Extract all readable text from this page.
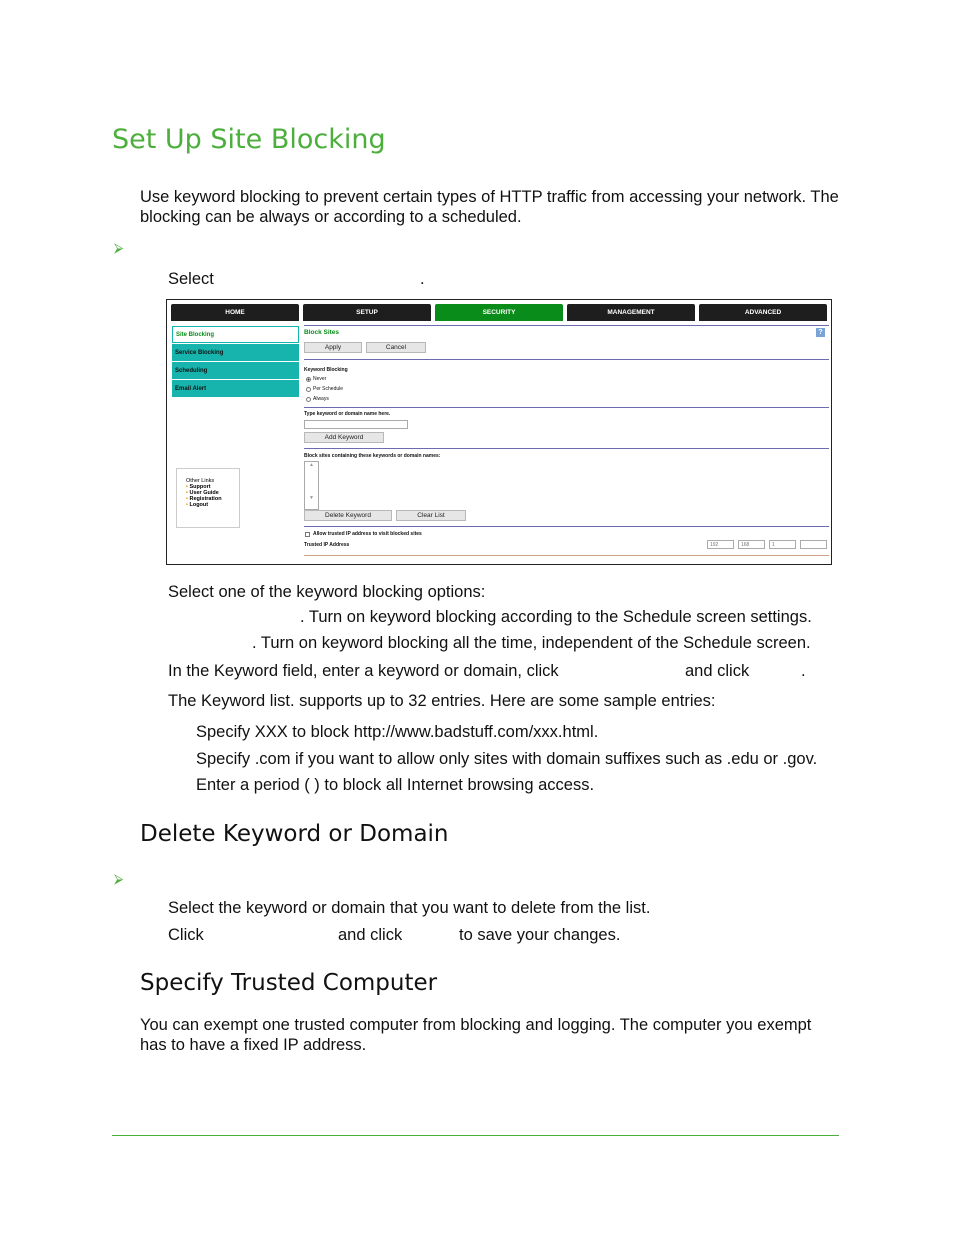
Set Up Site Blocking
Use keyword blocking to prevent certain types of HTTP traffic from accessing your network. The blocking can be always or according to a scheduled.
⮚
Select	.
HOME	SETUP	SECURITY	MANAGEMENT	ADVANCED
Site Blocking
Service Blocking
Scheduling
Email Alert
Other Links
• Support
• User Guide
• Registration
• Logout
Block Sites	?
Apply	Cancel
Keyword Blocking
Never
Per Schedule
Always
Type keyword or domain name here.
Add Keyword
Block sites containing these keywords or domain names:
▲
▼
Delete Keyword	Clear List
Allow trusted IP address to visit blocked sites
Trusted IP Address	192	168	1
Select one of the keyword blocking options:
. Turn on keyword blocking according to the Schedule screen settings.
. Turn on keyword blocking all the time, independent of the Schedule screen.
In the Keyword field, enter a keyword or domain, click	and click	.
The Keyword list. supports up to 32 entries. Here are some sample entries:
Specify XXX to block http://www.badstuff.com/xxx.html.
Specify .com if you want to allow only sites with domain suffixes such as .edu or .gov.
Enter a period ( ) to block all Internet browsing access.
Delete Keyword or Domain
⮚
Select the keyword or domain that you want to delete from the list.
Click	and click	to save your changes.
Specify Trusted Computer
You can exempt one trusted computer from blocking and logging. The computer you exempt has to have a fixed IP address.
